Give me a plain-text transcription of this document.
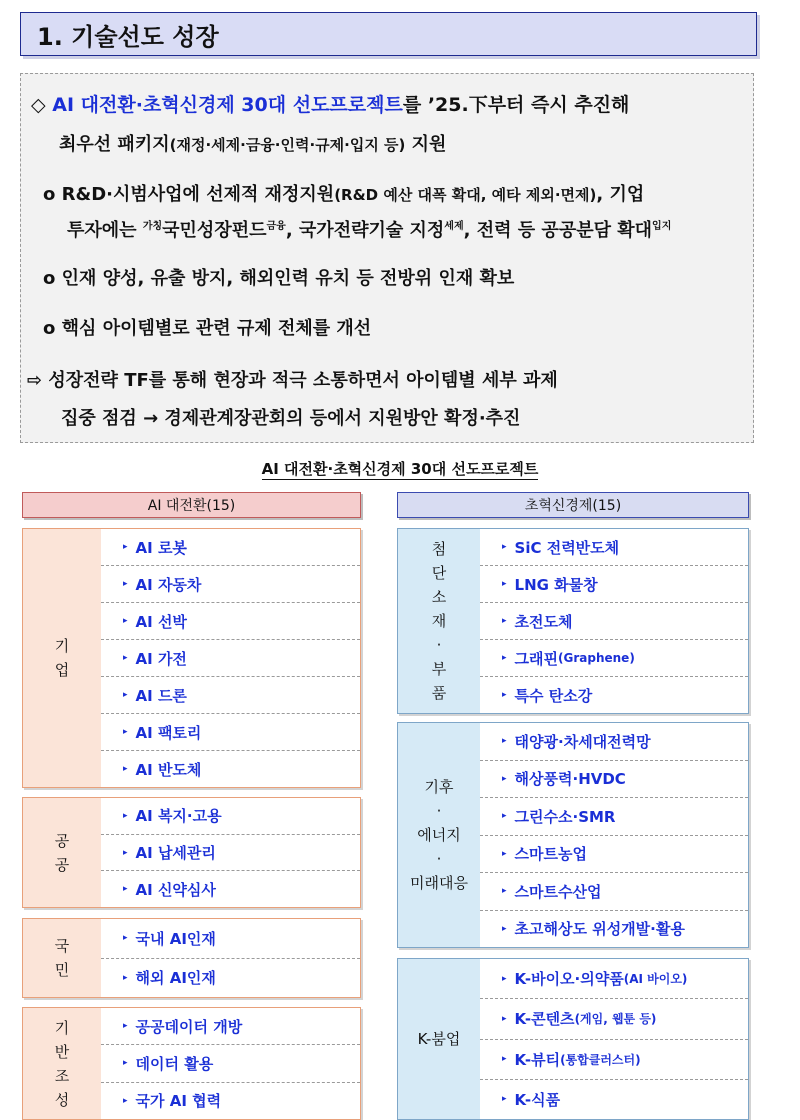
1. 기술선도 성장
◇ AI 대전환·초혁신경제 30대 선도프로젝트를 ’25.下부터 즉시 추진해
최우선 패키지(재정·세제·금융·인력·규제·입지 등) 지원
ο R&D·시범사업에 선제적 재정지원(R&D 예산 대폭 확대, 예타 제외·면제), 기업
투자에는 $^{가칭}$국민성장펀드$^{금융}$, 국가전략기술 지정$^{세제}$, 전력 등 공공분담 확대$^{입지}$
ο 인재 양성, 유출 방지, 해외인력 유치 등 전방위 인재 확보
ο 핵심 아이템별로 관련 규제 전체를 개선
⇨ 성장전략 TF를 통해 현장과 적극 소통하면서 아이템별 세부 과제
집중 점검 → 경제관계장관회의 등에서 지원방안 확정·추진
AI 대전환·초혁신경제 30대 선도프로젝트
AI 대전환(15)	초혁신경제(15)
기
업
▸ AI 로봇
▸ AI 자동차
▸ AI 선박
▸ AI 가전
▸ AI 드론
▸ AI 팩토리
▸ AI 반도체
공
공
▸ AI 복지·고용
▸ AI 납세관리
▸ AI 신약심사
국
민
▸ 국내 AI인재
▸ 해외 AI인재
기
반
조
성
▸ 공공데이터 개방
▸ 데이터 활용
▸ 국가 AI 협력
첨
단
소
재
·
부
품
▸ SiC 전력반도체
▸ LNG 화물창
▸ 초전도체
▸ 그래핀 (Graphene)
▸ 특수 탄소강
기후
·
에너지
·
미래대응
▸ 태양광·차세대전력망
▸ 해상풍력·HVDC
▸ 그린수소·SMR
▸ 스마트농업
▸ 스마트수산업
▸ 초고해상도 위성개발·활용
K-붐업
▸ K-바이오·의약품 (AI 바이오)
▸ K-콘텐츠 (게임, 웹툰 등)
▸ K-뷰티 (통합클러스터)
▸ K-식품
